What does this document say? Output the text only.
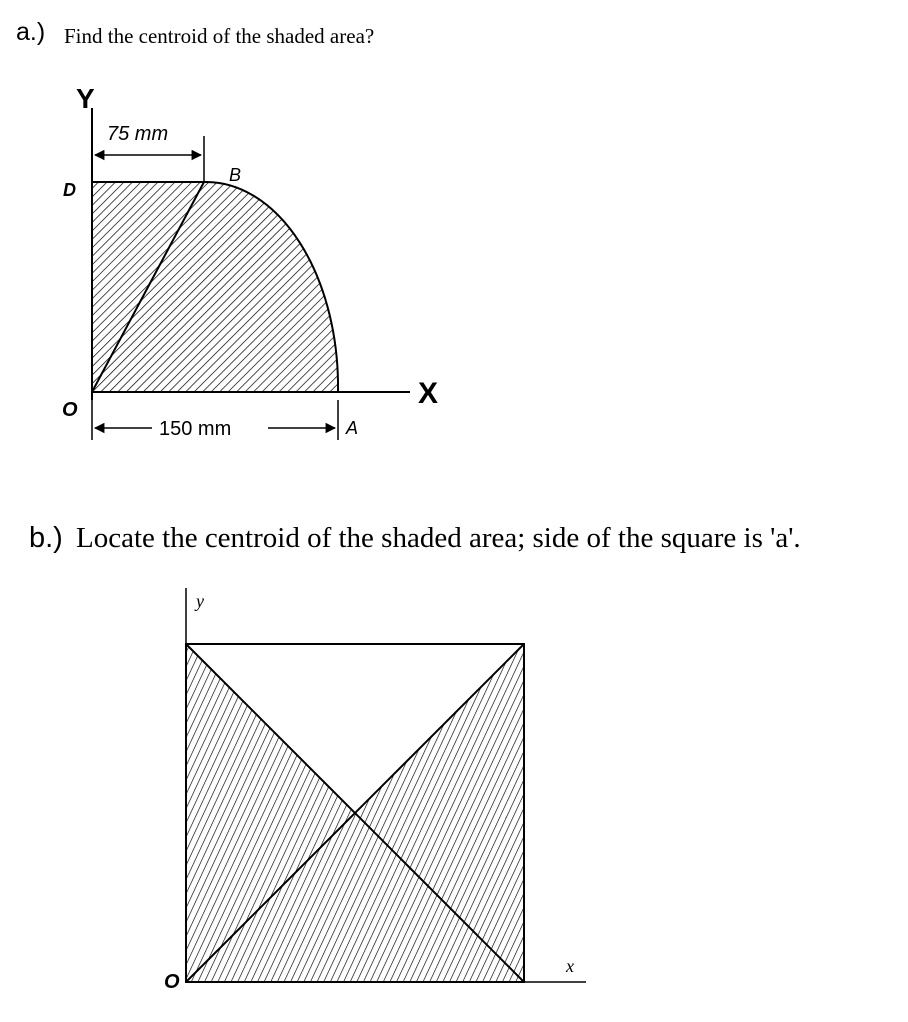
a.) Find the centroid of the shaded area?
b.) Locate the centroid of the shaded area; side of the square is 'a'.
Y
X
D
B
O
A
75 mm
150 mm
y
x
O
